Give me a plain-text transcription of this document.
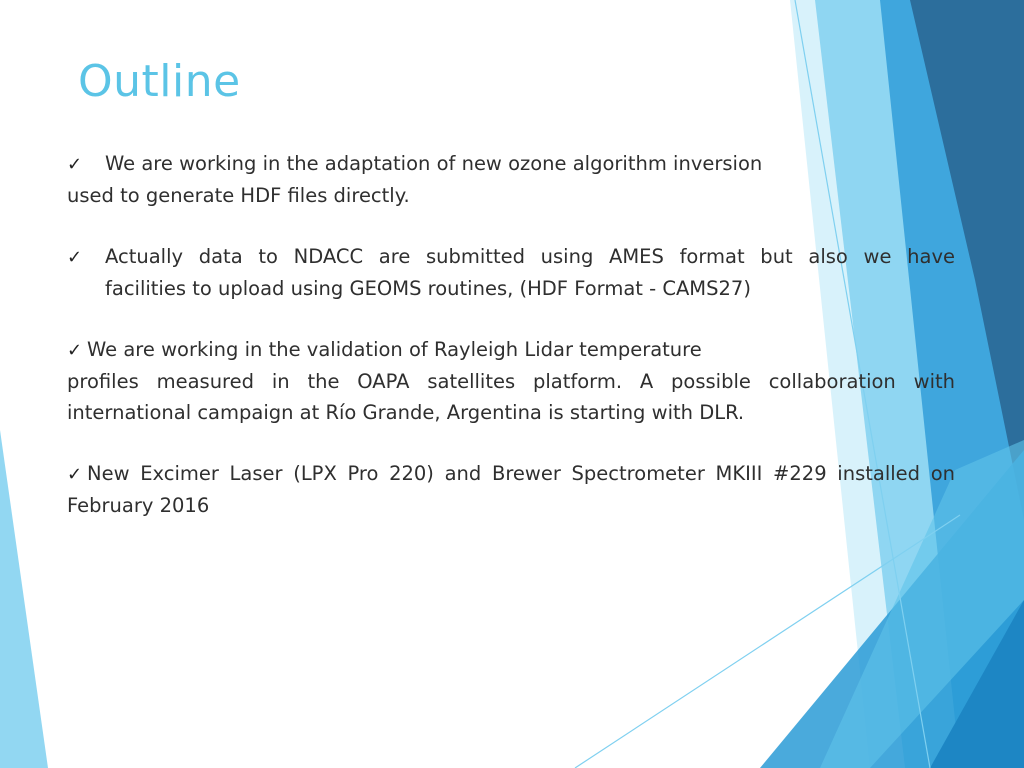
Outline
✓ We are working in the adaptation of new ozone algorithm inversion
used to generate HDF files directly.
✓ Actually data to NDACC are submitted using AMES format but also we have
facilities to upload using GEOMS routines, (HDF Format - CAMS27)
✓ We are working in the validation of Rayleigh Lidar temperature
profiles measured in the OAPA satellites platform. A possible collaboration with
international campaign at Río Grande, Argentina is starting with DLR.
✓ New Excimer Laser (LPX Pro 220) and Brewer Spectrometer MKIII #229 installed on
February 2016
